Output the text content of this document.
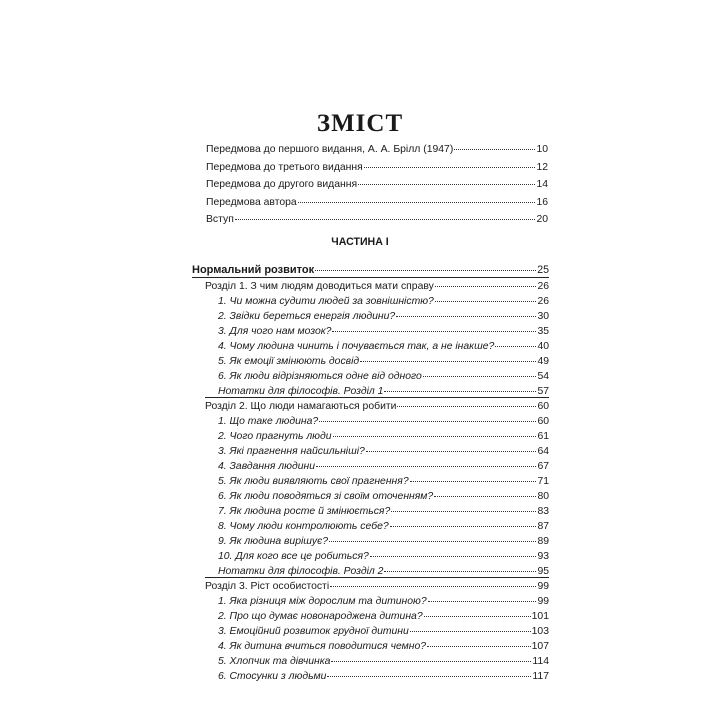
ЗМІСТ
Передмова до першого видання, А. А. Брілл (1947)	10
Передмова до третього видання	12
Передмова до другого видання	14
Передмова автора	16
Вступ	20
ЧАСТИНА І
Нормальний розвиток	25
Розділ 1. З чим людям доводиться мати справу	26
1. Чи можна судити людей за зовнішністю?	26
2. Звідки береться енергія людини?	30
3. Для чого нам мозок?	35
4. Чому людина чинить і почувається так, а не інакше?	40
5. Як емоції змінюють досвід	49
6. Як люди відрізняються одне від одного	54
Нотатки для філософів. Розділ 1	57
Розділ 2. Що люди намагаються робити	60
1. Що таке людина?	60
2. Чого прагнуть люди	61
3. Які прагнення найсильніші?	64
4. Завдання людини	67
5. Як люди виявляють свої прагнення?	71
6. Як люди поводяться зі своїм оточенням?	80
7. Як людина росте й змінюється?	83
8. Чому люди контролюють себе?	87
9. Як людина вирішує?	89
10. Для кого все це робиться?	93
Нотатки для філософів. Розділ 2	95
Розділ 3. Ріст особистості	99
1. Яка різниця між дорослим та дитиною?	99
2. Про що думає новонароджена дитина?	101
3. Емоційний розвиток грудної дитини	103
4. Як дитина вчиться поводитися чемно?	107
5. Хлопчик та дівчинка	114
6. Стосунки з людьми	117
